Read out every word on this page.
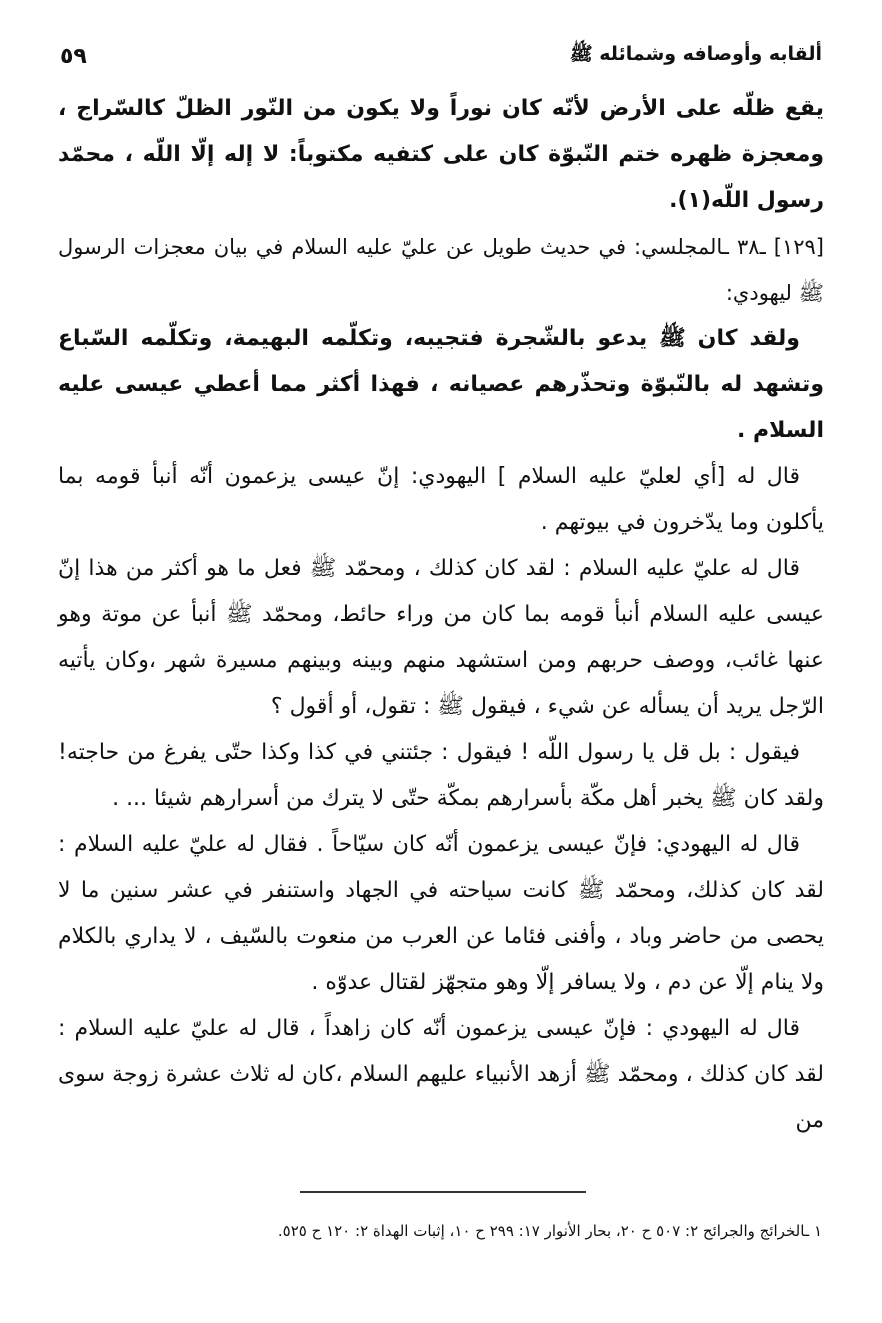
ألقابه وأوصافه وشمائله ﷺ
٥٩

يقع ظلّه على الأرض لأنّه كان نوراً ولا يكون من النّور الظلّ كالسّراج ، ومعجزة ظهره ختم النّبوّة كان على كتفيه مكتوباً: لا إله إلّا اللّه ، محمّد رسول اللّه(١).

[١٢٩] ـ٣٨ ـالمجلسي: في حديث طويل عن عليّ عليه السلام في بيان معجزات الرسول ﷺ ليهودي:

ولقد كان ﷺ يدعو بالشّجرة فتجيبه، وتكلّمه البهيمة، وتكلّمه السّباع وتشهد له بالنّبوّة وتحذّرهم عصيانه ، فهذا أكثر مما أعطي عيسى عليه السلام .

قال له [أي لعليّ عليه السلام ] اليهودي: إنّ عيسى يزعمون أنّه أنبأ قومه بما يأكلون وما يدّخرون في بيوتهم .

قال له عليّ عليه السلام : لقد كان كذلك ، ومحمّد ﷺ فعل ما هو أكثر من هذا إنّ عيسى عليه السلام أنبأ قومه بما كان من وراء حائط، ومحمّد ﷺ أنبأ عن موتة وهو عنها غائب، ووصف حربهم ومن استشهد منهم وبينه وبينهم مسيرة شهر ،وكان يأتيه الرّجل يريد أن يسأله عن شيء ، فيقول ﷺ : تقول، أو أقول ؟

فيقول : بل قل يا رسول اللّه ! فيقول : جئتني في كذا وكذا حتّى يفرغ من حاجته! ولقد كان ﷺ يخبر أهل مكّة بأسرارهم بمكّة حتّى لا يترك من أسرارهم شيئا ... .

قال له اليهودي: فإنّ عيسى يزعمون أنّه كان سيّاحاً . فقال له عليّ عليه السلام : لقد كان كذلك، ومحمّد ﷺ كانت سياحته في الجهاد واستنفر في عشر سنين ما لا يحصى من حاضر وباد ، وأفنى فئاما عن العرب من منعوت بالسّيف ، لا يداري بالكلام ولا ينام إلّا عن دم ، ولا يسافر إلّا وهو متجهّز لقتال عدوّه .

قال له اليهودي : فإنّ عيسى يزعمون أنّه كان زاهداً ، قال له عليّ عليه السلام : لقد كان كذلك ، ومحمّد ﷺ أزهد الأنبياء عليهم السلام ،كان له ثلاث عشرة زوجة سوى من

١ ـالخرائج والجرائح ٢: ٥٠٧ ح ٢٠، بحار الأنوار ١٧: ٢٩٩ ح ١٠، إثبات الهداة ٢: ١٢٠ ح ٥٢٥.
